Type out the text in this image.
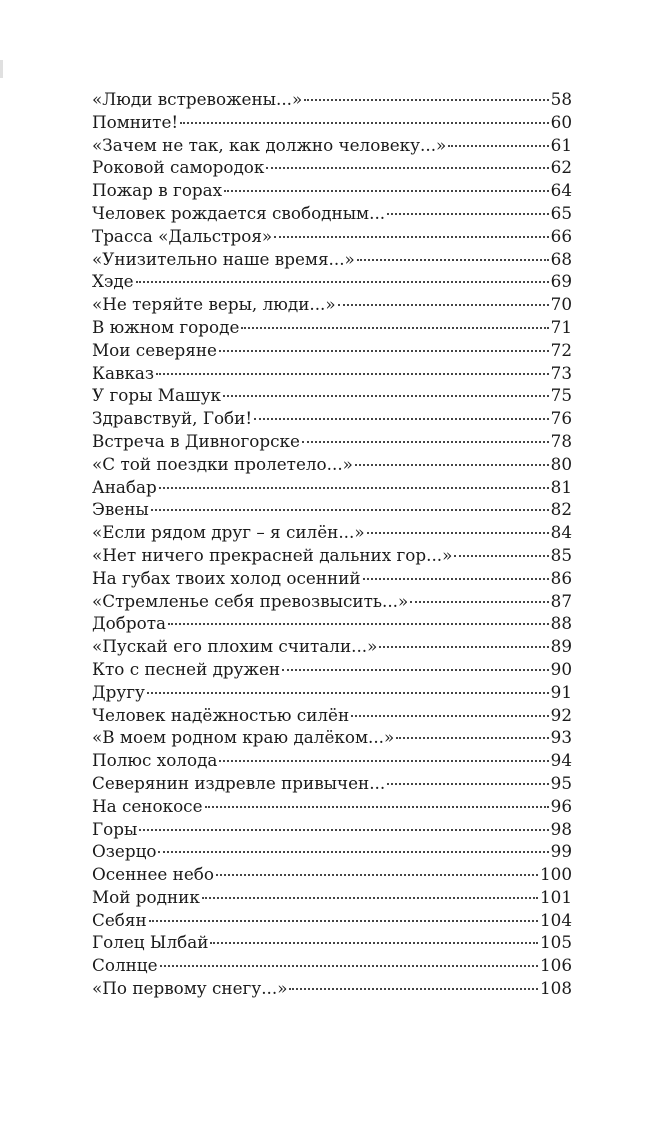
«Люди встревожены...»	58
Помните!	60
«Зачем не так, как должно человеку...»	61
Роковой самородок	62
Пожар в горах	64
Человек рождается свободным...	65
Трасса «Дальстроя»	66
«Унизительно наше время...»	68
Хэде	69
«Не теряйте веры, люди...»	70
В южном городе	71
Мои северяне	72
Кавказ	73
У горы Машук	75
Здравствуй, Гоби!	76
Встреча в Дивногорске	78
«С той поездки пролетело...»	80
Анабар	81
Эвены	82
«Если рядом друг – я силён...»	84
«Нет ничего прекрасней дальних гор...»	85
На губах твоих холод осенний	86
«Стремленье себя превозвысить...»	87
Доброта	88
«Пускай его плохим считали...»	89
Кто с песней дружен	90
Другу	91
Человек надёжностью силён	92
«В моем родном краю далёком...»	93
Полюс холода	94
Северянин издревле привычен...	95
На сенокосе	96
Горы	98
Озерцо	99
Осеннее небо	100
Мой родник	101
Себян	104
Голец Ылбай	105
Солнце	106
«По первому снегу...»	108
